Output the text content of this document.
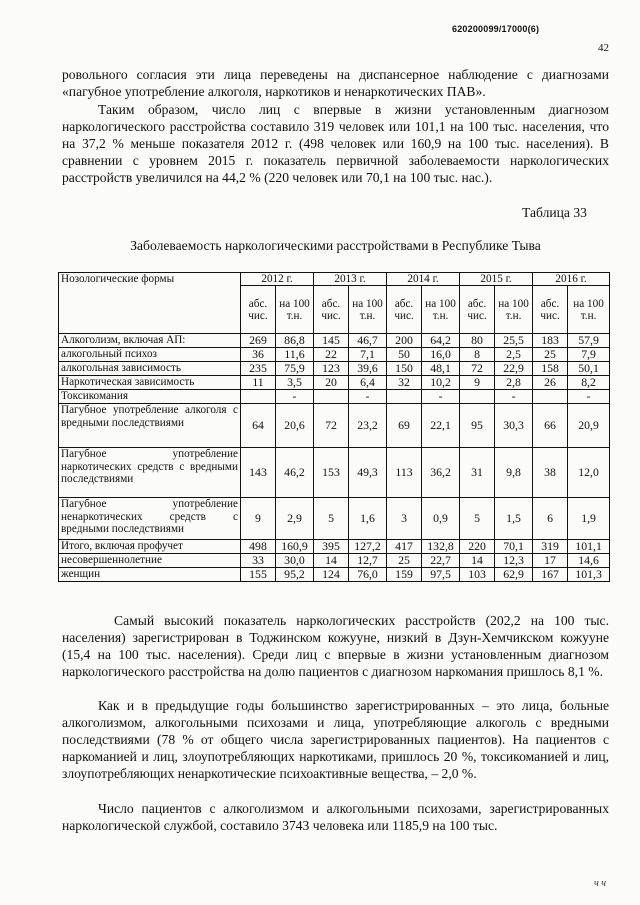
620200099/17000(6)
42

ровольного согласия эти лица переведены на диспансерное наблюдение с диагнозами «пагубное употребление алкоголя, наркотиков и ненаркотических ПАВ».

Таким образом, число лиц с впервые в жизни установленным диагнозом наркологического расстройства составило 319 человек или 101,1 на 100 тыс. населения, что на 37,2 % меньше показателя 2012 г. (498 человек или 160,9 на 100 тыс. населения). В сравнении с уровнем 2015 г. показатель первичной заболеваемости наркологических расстройств увеличился на 44,2 % (220 человек или 70,1 на 100 тыс. нас.).

Таблица 33
Заболеваемость наркологическими расстройствами в Республике Тыва
Нозологические формы	2012 г.		2013 г.		2014 г.		2015 г.		2016 г.	
	абс. чис.	на 100 т.н.	абс. чис.	на 100 т.н.	абс. чис.	на 100 т.н.	абс. чис.	на 100 т.н.	абс. чис.	на 100 т.н.
Алкоголизм, включая АП:	269	86,8	145	46,7	200	64,2	80	25,5	183	57,9
алкогольный психоз	36	11,6	22	7,1	50	16,0	8	2,5	25	7,9
алкогольная зависимость	235	75,9	123	39,6	150	48,1	72	22,9	158	50,1
Наркотическая зависимость	11	3,5	20	6,4	32	10,2	9	2,8	26	8,2
Токсикомания		-		-		-		-		-
Пагубное употребление алкоголя с вредными последствиями	64	20,6	72	23,2	69	22,1	95	30,3	66	20,9
Пагубное употребление наркотических средств с вредными последствиями	143	46,2	153	49,3	113	36,2	31	9,8	38	12,0
Пагубное употребление ненаркотических средств с вредными последствиями	9	2,9	5	1,6	3	0,9	5	1,5	6	1,9
Итого, включая профучет	498	160,9	395	127,2	417	132,8	220	70,1	319	101,1
несовершеннолетние	33	30,0	14	12,7	25	22,7	14	12,3	17	14,6
женщин	155	95,2	124	76,0	159	97,5	103	62,9	167	101,3

Самый высокий показатель наркологических расстройств (202,2 на 100 тыс. населения) зарегистрирован в Тоджинском кожууне, низкий в Дзун-Хемчикском кожууне (15,4 на 100 тыс. населения). Среди лиц с впервые в жизни установленным диагнозом наркологического расстройства на долю пациентов с диагнозом наркомания пришлось 8,1 %.

Как и в предыдущие годы большинство зарегистрированных – это лица, больные алкоголизмом, алкогольными психозами и лица, употребляющие алкоголь с вредными последствиями (78 % от общего числа зарегистрированных пациентов). На пациентов с наркоманией и лиц, злоупотребляющих наркотиками, пришлось 20 %, токсикоманией и лиц, злоупотребляющих ненаркотические психоактивные вещества, – 2,0 %.

Число пациентов с алкоголизмом и алкогольными психозами, зарегистрированных наркологической службой, составило 3743 человека или 1185,9 на 100 тыс.

ч ч
